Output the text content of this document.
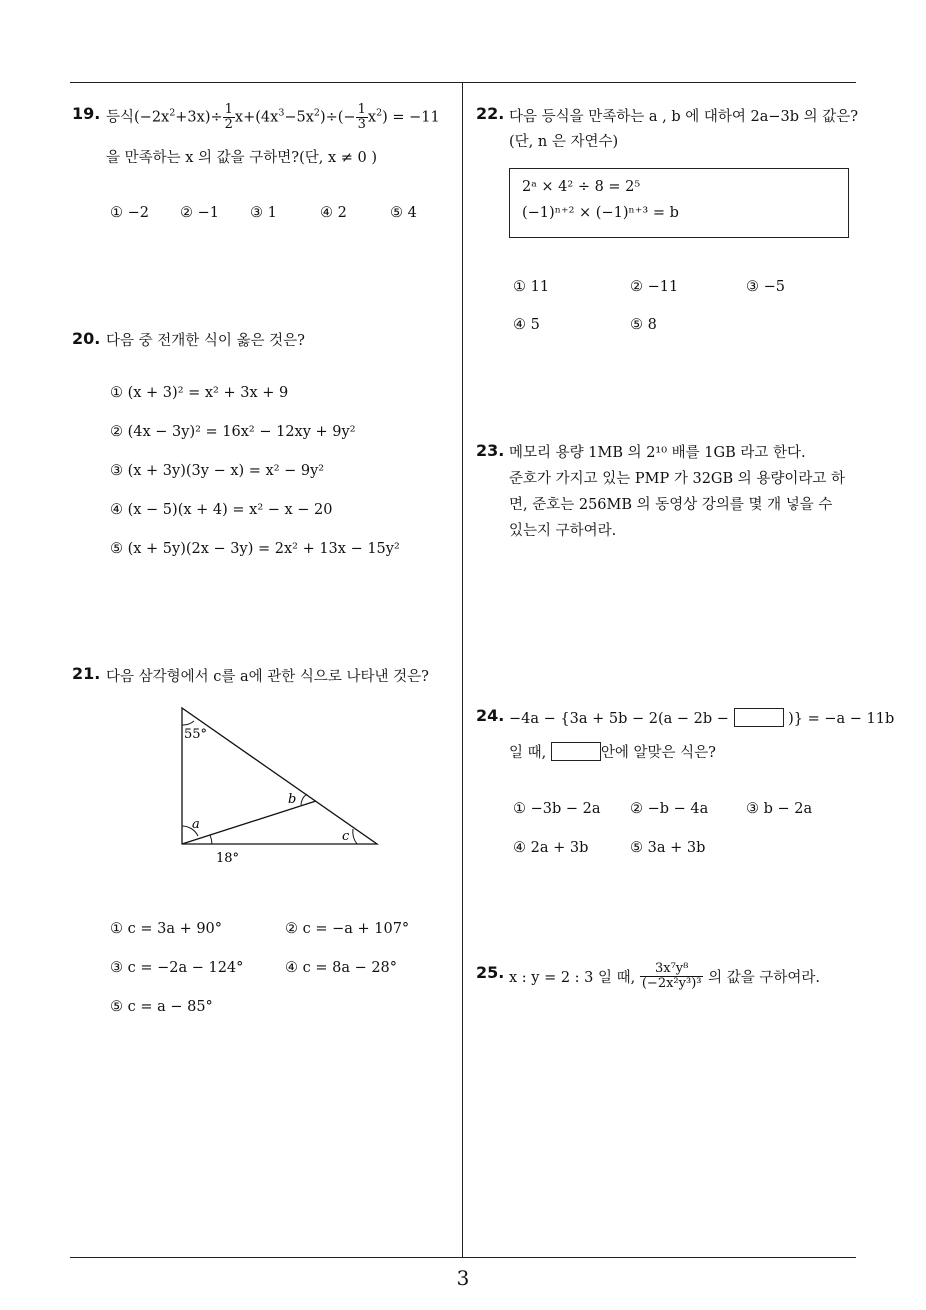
19. 등식$(-2x^2+3x)\div \frac{1}{2} x+(4x^3-5x^2)\div(- \frac{1}{3} x^2) = -11$
을 만족하는 x 의 값을 구하면?(단, x ≠ 0 )
① −2 ② −1 ③ 1	④ 2	⑤ 4
20. 다음 중 전개한 식이 옳은 것은?
① (x + 3)² = x² + 3x + 9
② (4x − 3y)² = 16x² − 12xy + 9y²
③ (x + 3y)(3y − x) = x² − 9y²
④ (x − 5)(x + 4) = x² − x − 20
⑤ (x + 5y)(2x − 3y) = 2x² + 13x − 15y²
21. 다음 삼각형에서 c를 a에 관한 식으로 나타낸 것은?
55°
a
b
c
18°
① c = 3a + 90°	② c = −a + 107°
③ c = −2a − 124°	④ c = 8a − 28°
⑤ c = a − 85°
22. 다음 등식을 만족하는 a , b 에 대하여 2a−3b 의 값은?
(단, n 은 자연수)
2ᵃ × 4² ÷ 8 = 2⁵
(−1)ⁿ⁺² × (−1)ⁿ⁺³ = b
① 11	② −11	③ −5
④ 5	⑤ 8
23. 메모리 용량 1MB 의 2¹⁰ 배를 1GB 라고 한다.
준호가 가지고 있는 PMP 가 32GB 의 용량이라고 하
면, 준호는 256MB 의 동영상 강의를 몇 개 넣을 수
있는지 구하여라.
24. −4a − {3a + 5b − 2(a − 2b −	)} = −a − 11b
일 때,	안에 알맞은 식은?
① −3b − 2a ② −b − 4a	③ b − 2a
④ 2a + 3b	⑤ 3a + 3b
25. x : y = 2 : 3 일 때, $\frac{\text{3x⁷y⁸}}{\text{(−2x²y³)³}}$ 의 값을 구하여라.
3
